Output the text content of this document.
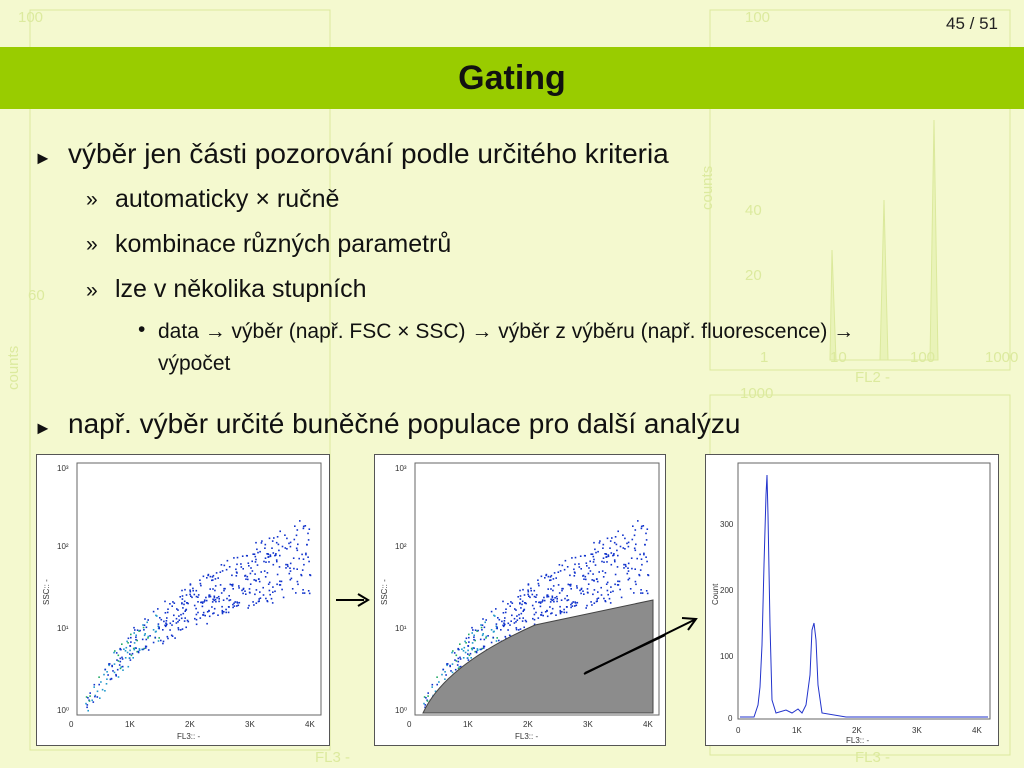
100
60
counts
100
40
20
1	10	100	1000
FL2 -
1000
counts
FL3 -	FL3 -
45 / 51
Gating
► výběr jen části pozorování podle určitého kriteria
» automaticky × ručně
» kombinace různých parametrů
» lze v několika stupních
• data → výběr (např. FSC × SSC) → výběr z výběru (např. fluorescence) → výpočet
► např. výběr určité buněčné populace pro další analýzu
10³
10²
10¹
10⁰
0	1K	2K	3K	4K
FL3:: -
SSC:: -
10³
10²
10¹
10⁰
0	1K	2K	3K	4K
FL3:: -
SSC:: -
300
200
100
0
0	1K	2K	3K	4K
FL3:: -
Count
